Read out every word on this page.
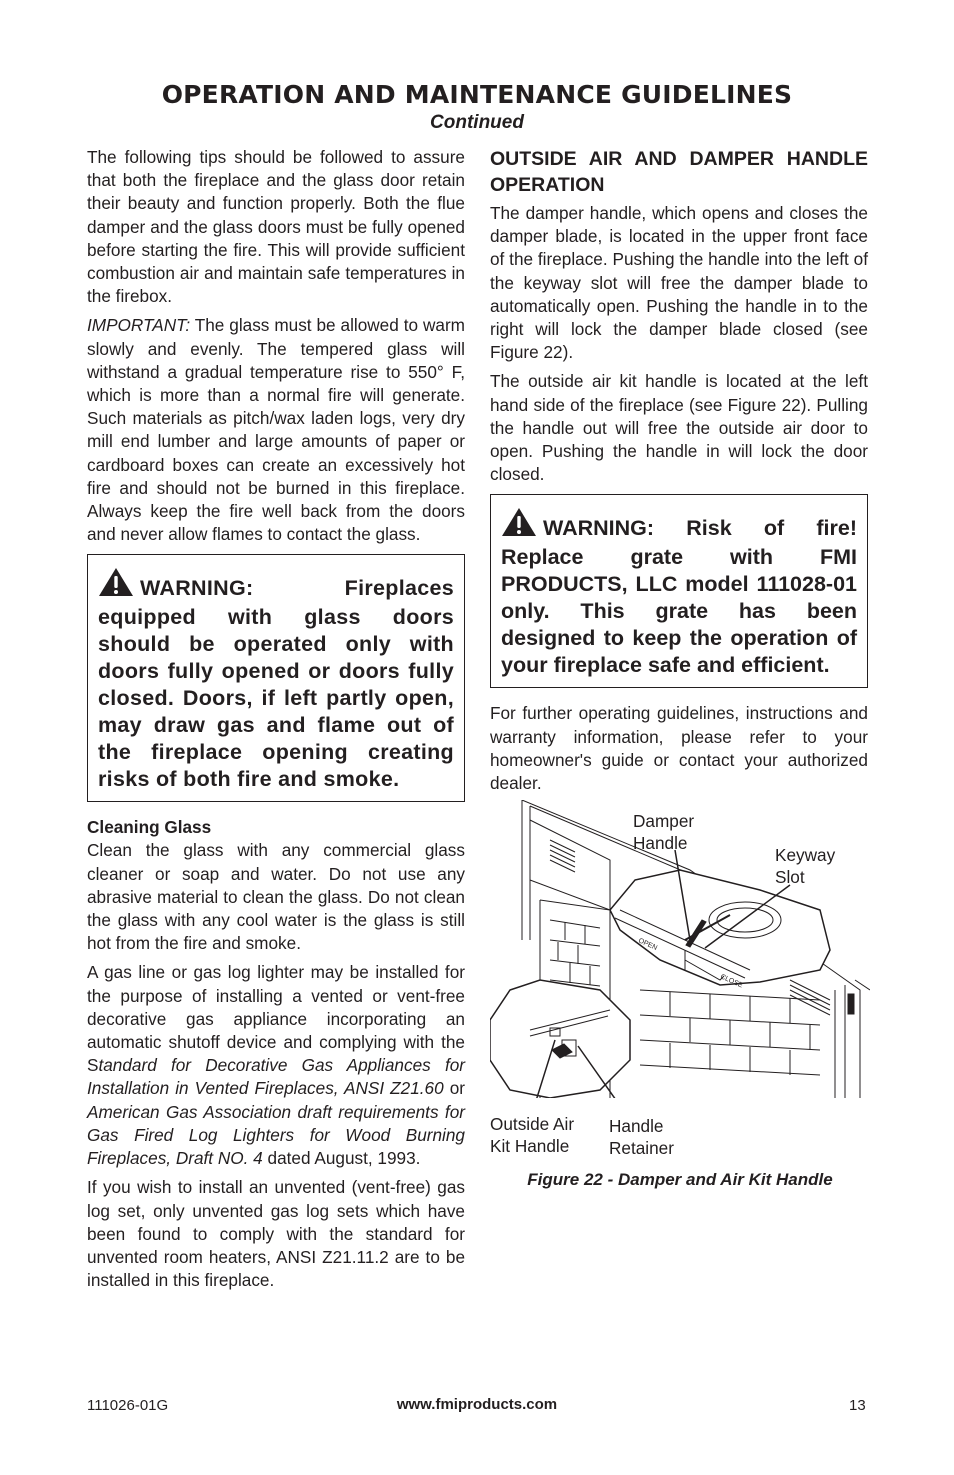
OPERATION AND MAINTENANCE GUIDELINES
Continued

The following tips should be followed to assure that both the fireplace and the glass door retain their beauty and function properly. Both the flue damper and the glass doors must be fully opened before starting the fire. This will provide sufficient combustion air and maintain safe temperatures in the firebox.

IMPORTANT: The glass must be allowed to warm slowly and evenly. The tempered glass will withstand a gradual temperature rise to 550° F, which is more than a normal fire will generate. Such materials as pitch/wax laden logs, very dry mill end lumber and large amounts of paper or cardboard boxes can create an excessively hot fire and should not be burned in this fireplace. Always keep the fire well back from the doors and never allow flames to contact the glass.

WARNING: Fireplaces equipped with glass doors should be operated only with doors fully opened or doors fully closed. Doors, if left partly open, may draw gas and flame out of the fireplace opening creating risks of both fire and smoke.

Cleaning Glass

Clean the glass with any commercial glass cleaner or soap and water. Do not use any abrasive material to clean the glass. Do not clean the glass with any cool water is the glass is still hot from the fire and smoke.

A gas line or gas log lighter may be installed for the purpose of installing a vented or vent-free decorative gas appliance incorporating an automatic shutoff device and complying with the Standard for Decorative Gas Appliances for Installation in Vented Fireplaces, ANSI Z21.60 or American Gas Association draft requirements for Gas Fired Log Lighters for Wood Burning Fireplaces, Draft NO. 4 dated August, 1993.

If you wish to install an unvented (vent-free) gas log set, only unvented gas log sets which have been found to comply with the standard for unvented room heaters, ANSI Z21.11.2 are to be installed in this fireplace.

OUTSIDE AIR AND DAMPER HANDLE OPERATION

The damper handle, which opens and closes the damper blade, is located in the upper front face of the fireplace. Pushing the handle into the left of the keyway slot will free the damper blade to automatically open. Pushing the handle in to the right will lock the damper blade closed (see Figure 22).

The outside air kit handle is located at the left hand side of the fireplace (see Figure 22). Pulling the handle out will free the outside air door to open. Pushing the handle in will lock the door closed.

WARNING: Risk of fire! Replace grate with FMI PRODUCTS, LLC model 111028-01 only. This grate has been designed to keep the operation of your fireplace safe and efficient.

For further operating guidelines, instructions and warranty information, please refer to your homeowner's guide or contact your authorized dealer.

OPEN
CLOSE
Damper
Handle
Keyway
Slot
Outside Air
Kit Handle
Handle
Retainer
Figure 22 - Damper and Air Kit Handle
111026-01G	www.fmiproducts.com	13
